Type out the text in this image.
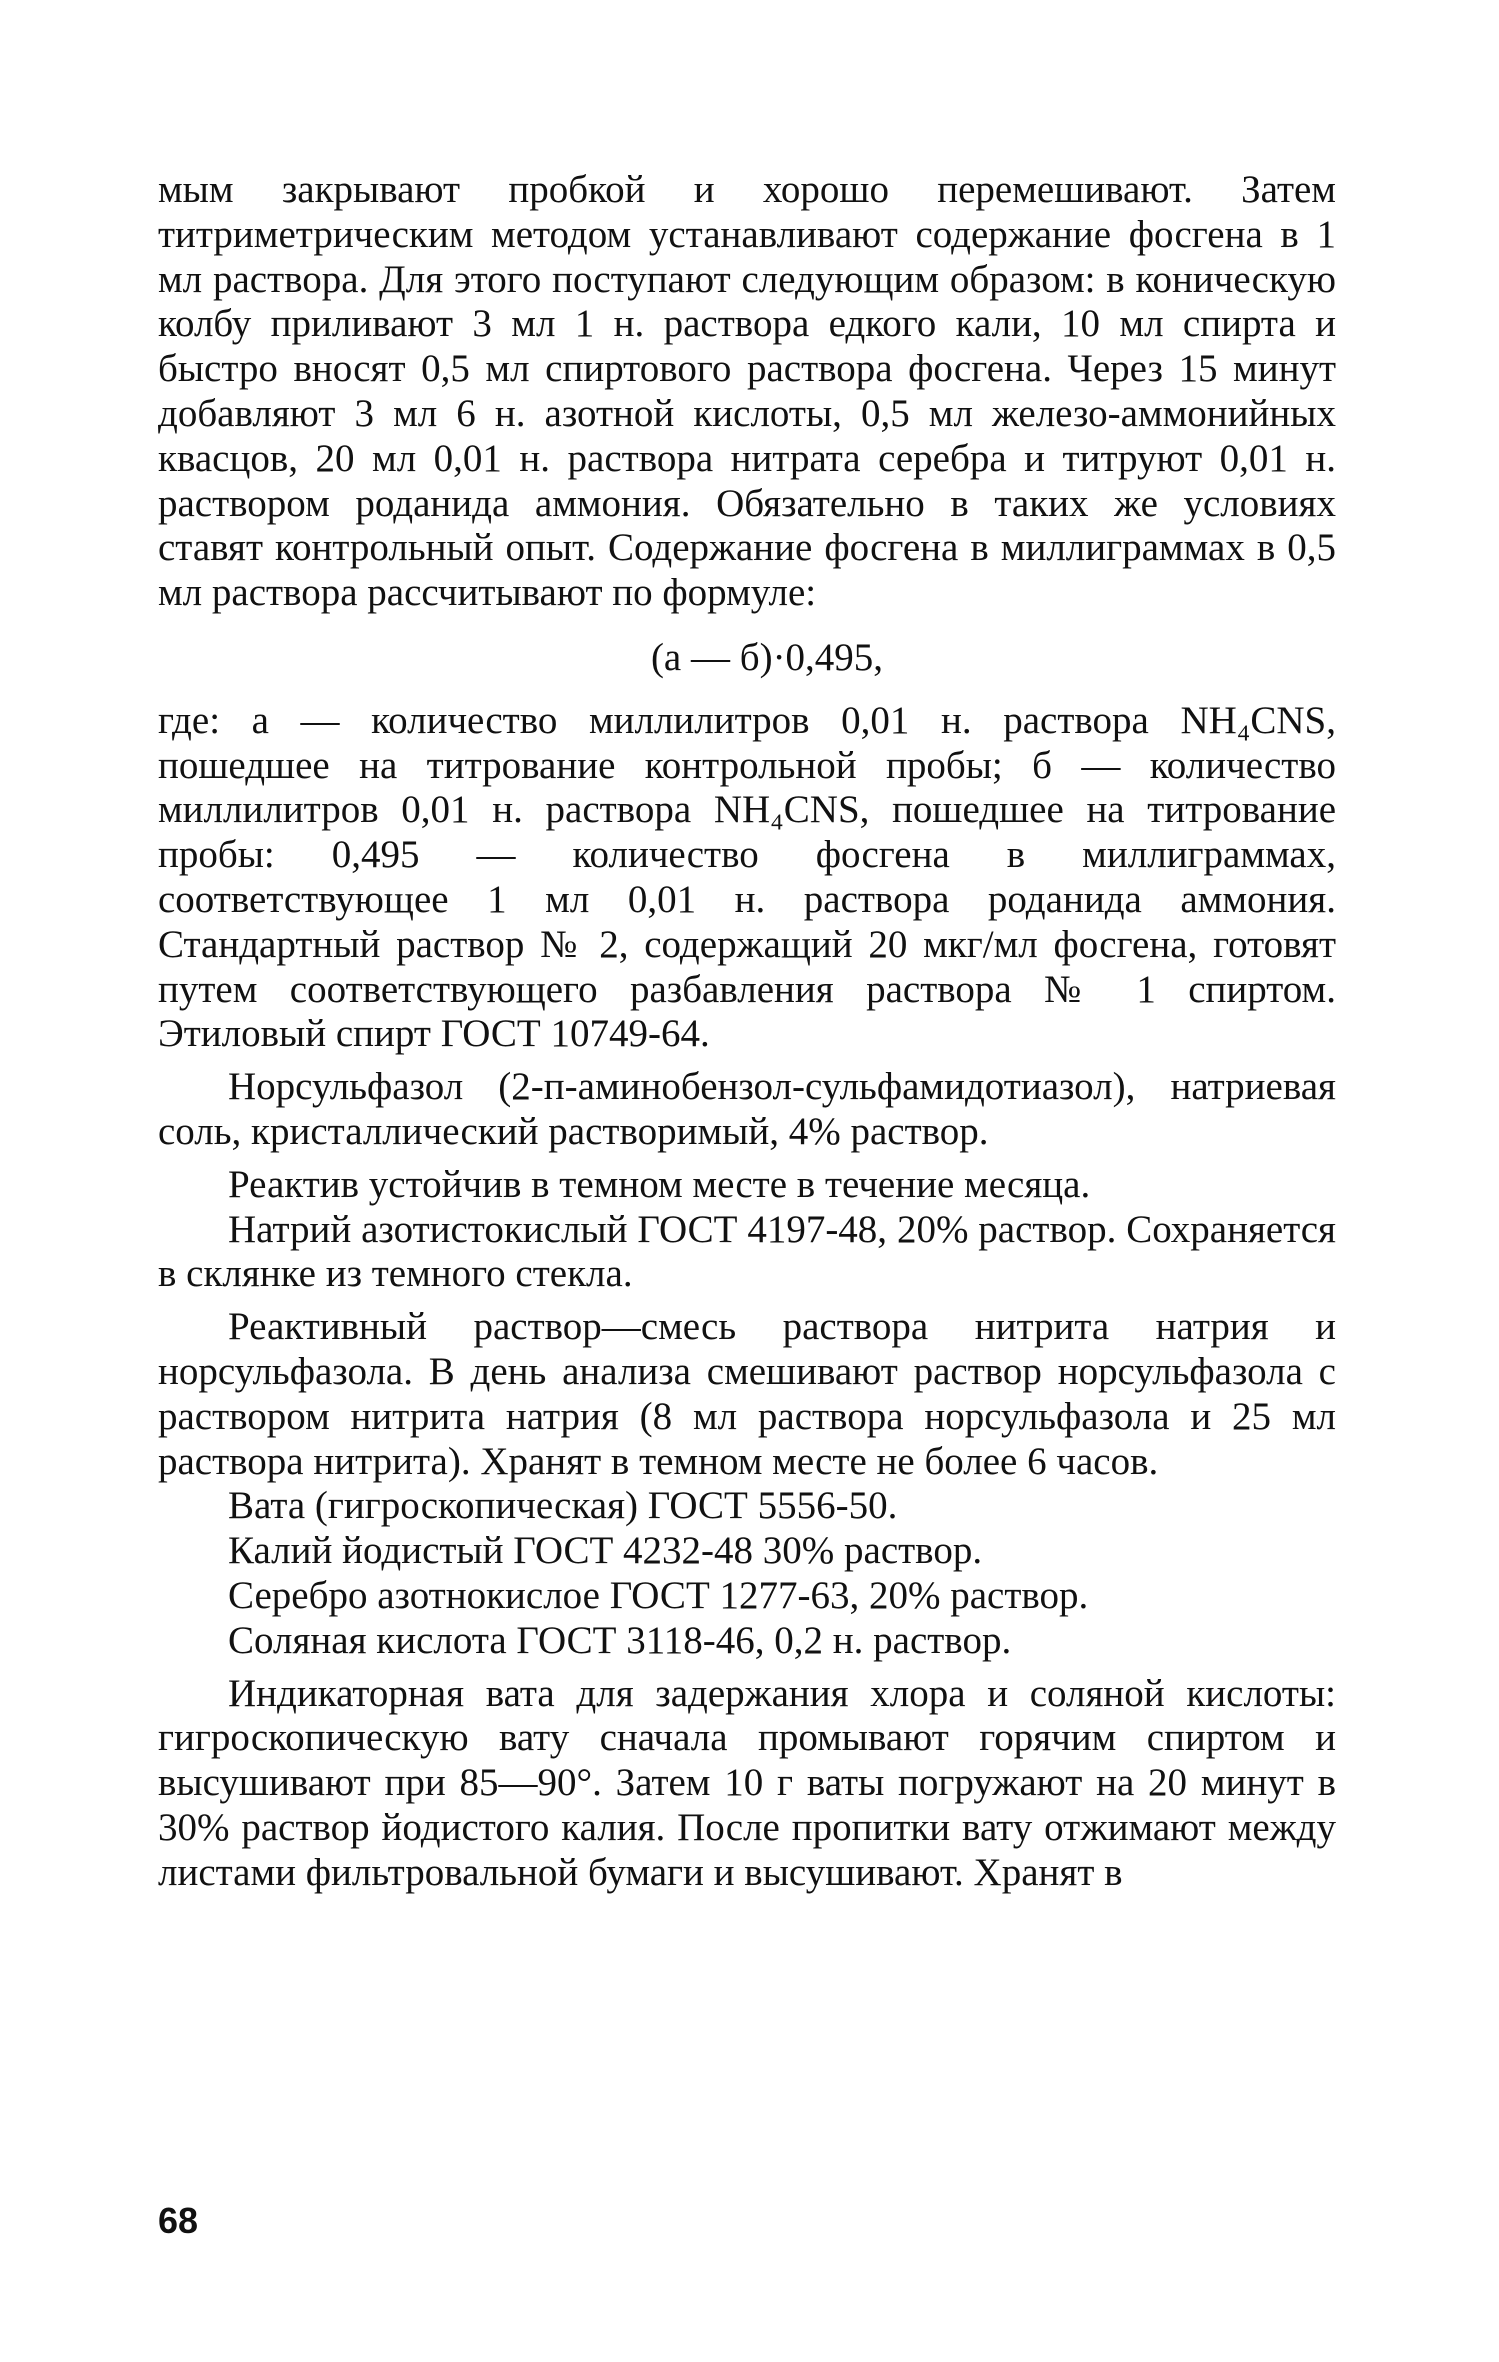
мым закрывают пробкой и хорошо перемешивают. Затем титриметрическим методом устанавливают содержание фосгена в 1 мл раствора. Для этого поступают следующим образом: в коническую колбу приливают 3 мл 1 н. раствора едкого кали, 10 мл спирта и быстро вносят 0,5 мл спиртового раствора фосгена. Через 15 минут добавляют 3 мл 6 н. азотной кислоты, 0,5 мл железо-аммонийных квасцов, 20 мл 0,01 н. раствора нитрата серебра и титруют 0,01 н. раствором роданида аммония. Обязательно в таких же условиях ставят контрольный опыт. Содержание фосгена в миллиграммах в 0,5 мл раствора рассчитывают по формуле:

(а — б)·0,495,

где: а — количество миллилитров 0,01 н. раствора NH₄CNS, пошедшее на титрование контрольной пробы; б — количество миллилитров 0,01 н. раствора NH₄CNS, пошедшее на титрование пробы: 0,495 — количество фосгена в миллиграммах, соответствующее 1 мл 0,01 н. раствора роданида аммония. Стандартный раствор № 2, содержащий 20 мкг/мл фосгена, готовят путем соответствующего разбавления раствора № 1 спиртом. Этиловый спирт ГОСТ 10749-64.

Норсульфазол (2-п-аминобензол-сульфамидотиазол), натриевая соль, кристаллический растворимый, 4% раствор.

Реактив устойчив в темном месте в течение месяца.

Натрий азотистокислый ГОСТ 4197-48, 20% раствор. Сохраняется в склянке из темного стекла.

Реактивный раствор—смесь раствора нитрита натрия и норсульфазола. В день анализа смешивают раствор норсульфазола с раствором нитрита натрия (8 мл раствора норсульфазола и 25 мл раствора нитрита). Хранят в темном месте не более 6 часов.

Вата (гигроскопическая) ГОСТ 5556-50.

Калий йодистый ГОСТ 4232-48 30% раствор.

Серебро азотнокислое ГОСТ 1277-63, 20% раствор.

Соляная кислота ГОСТ 3118-46, 0,2 н. раствор.

Индикаторная вата для задержания хлора и соляной кислоты: гигроскопическую вату сначала промывают горячим спиртом и высушивают при 85—90°. Затем 10 г ваты погружают на 20 минут в 30% раствор йодистого калия. После пропитки вату отжимают между листами фильтровальной бумаги и высушивают. Хранят в

68
